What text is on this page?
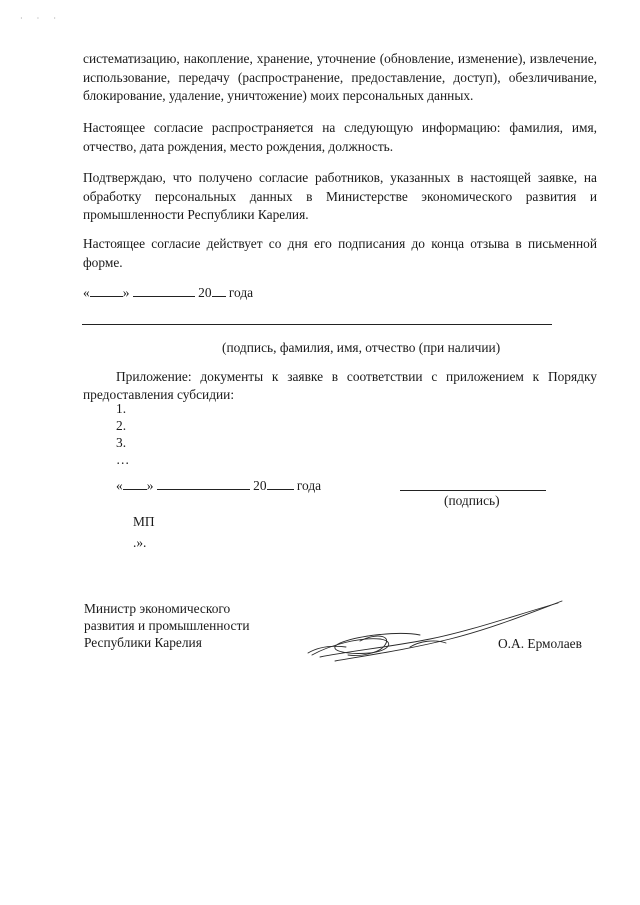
· · ·

систематизацию, накопление, хранение, уточнение (обновление, изменение), извлечение, использование, передачу (распространение, предоставление, доступ), обезличивание, блокирование, удаление, уничтожение) моих персональных данных.

Настоящее согласие распространяется на следующую информацию: фамилия, имя, отчество, дата рождения, место рождения, должность.

Подтверждаю, что получено согласие работников, указанных в настоящей заявке, на обработку персональных данных в Министерстве экономического развития и промышленности Республики Карелия.

Настоящее согласие действует со дня его подписания до конца отзыва в письменной форме.

« »	20 года
(подпись, фамилия, имя, отчество (при наличии)

Приложение: документы к заявке в соответствии с приложением к Порядку предоставления субсидии:

1.
2.
3.
…
« »	20 года
(подпись)
МП
.».
Министр экономического
развития и промышленности
Республики Карелия	О.А. Ермолаев
